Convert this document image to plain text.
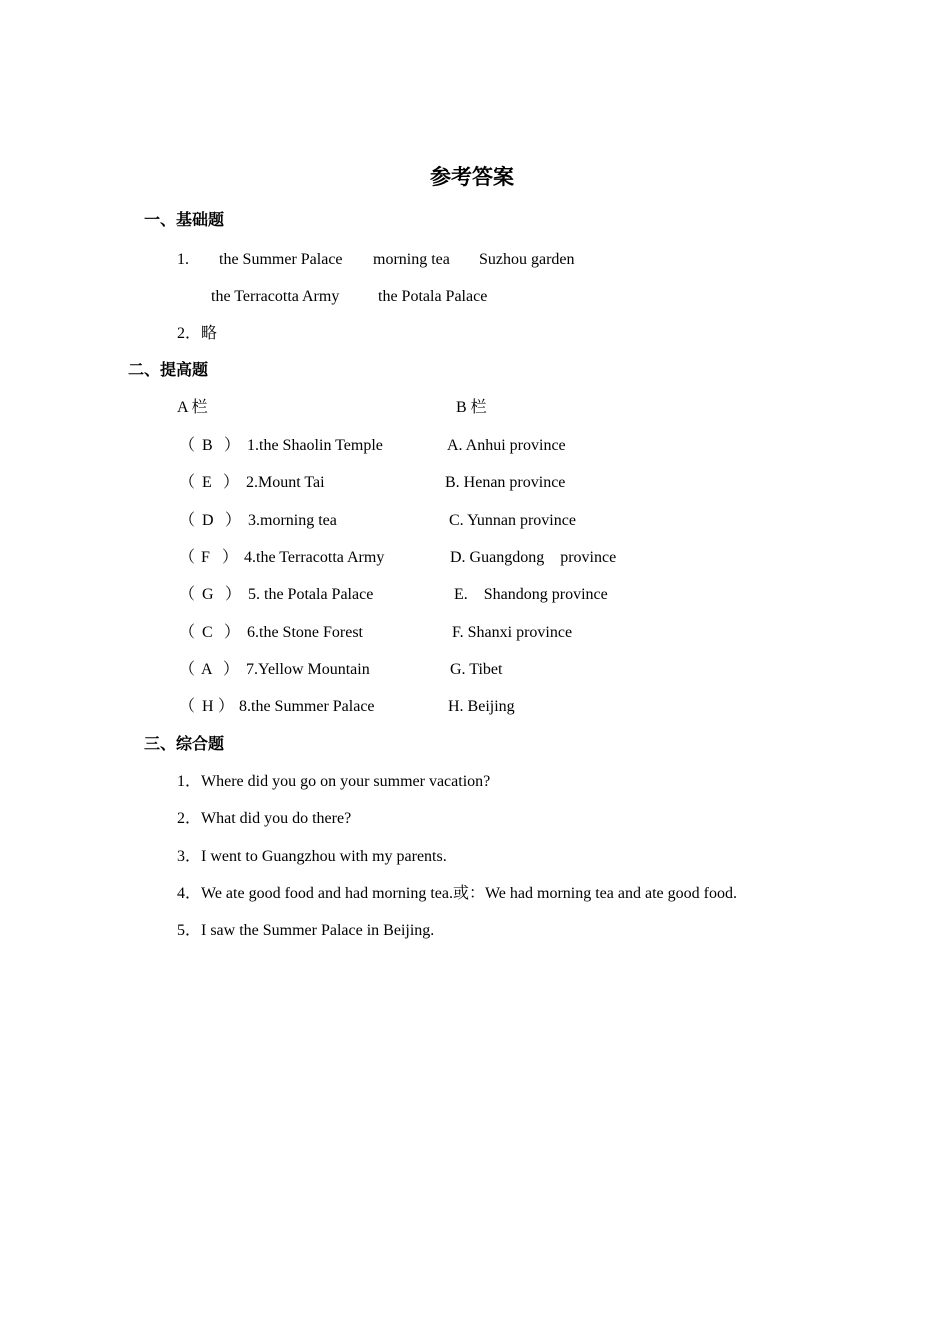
参考答案
一、基础题
1. the Summer Palace morning tea Suzhou garden
the Terracotta Army the Potala Palace
2．略
二、提高题
A 栏	B 栏
（ B ） 1.the Shaolin Temple	A. Anhui province
（ E ） 2.Mount Tai	B. Henan province
（ D ） 3.morning tea	C. Yunnan province
（ F ） 4.the Terracotta Army	D. Guangdong    province
（ G ） 5. the Potala Palace	E.    Shandong province
（ C ） 6.the Stone Forest	F. Shanxi province
（ A ） 7.Yellow Mountain	G. Tibet
（ H ） 8.the Summer Palace	H. Beijing
三、综合题
1．Where did you go on your summer vacation?
2．What did you do there?
3．I went to Guangzhou with my parents.
4．We ate good food and had morning tea.或：We had morning tea and ate good food.
5．I saw the Summer Palace in Beijing.
